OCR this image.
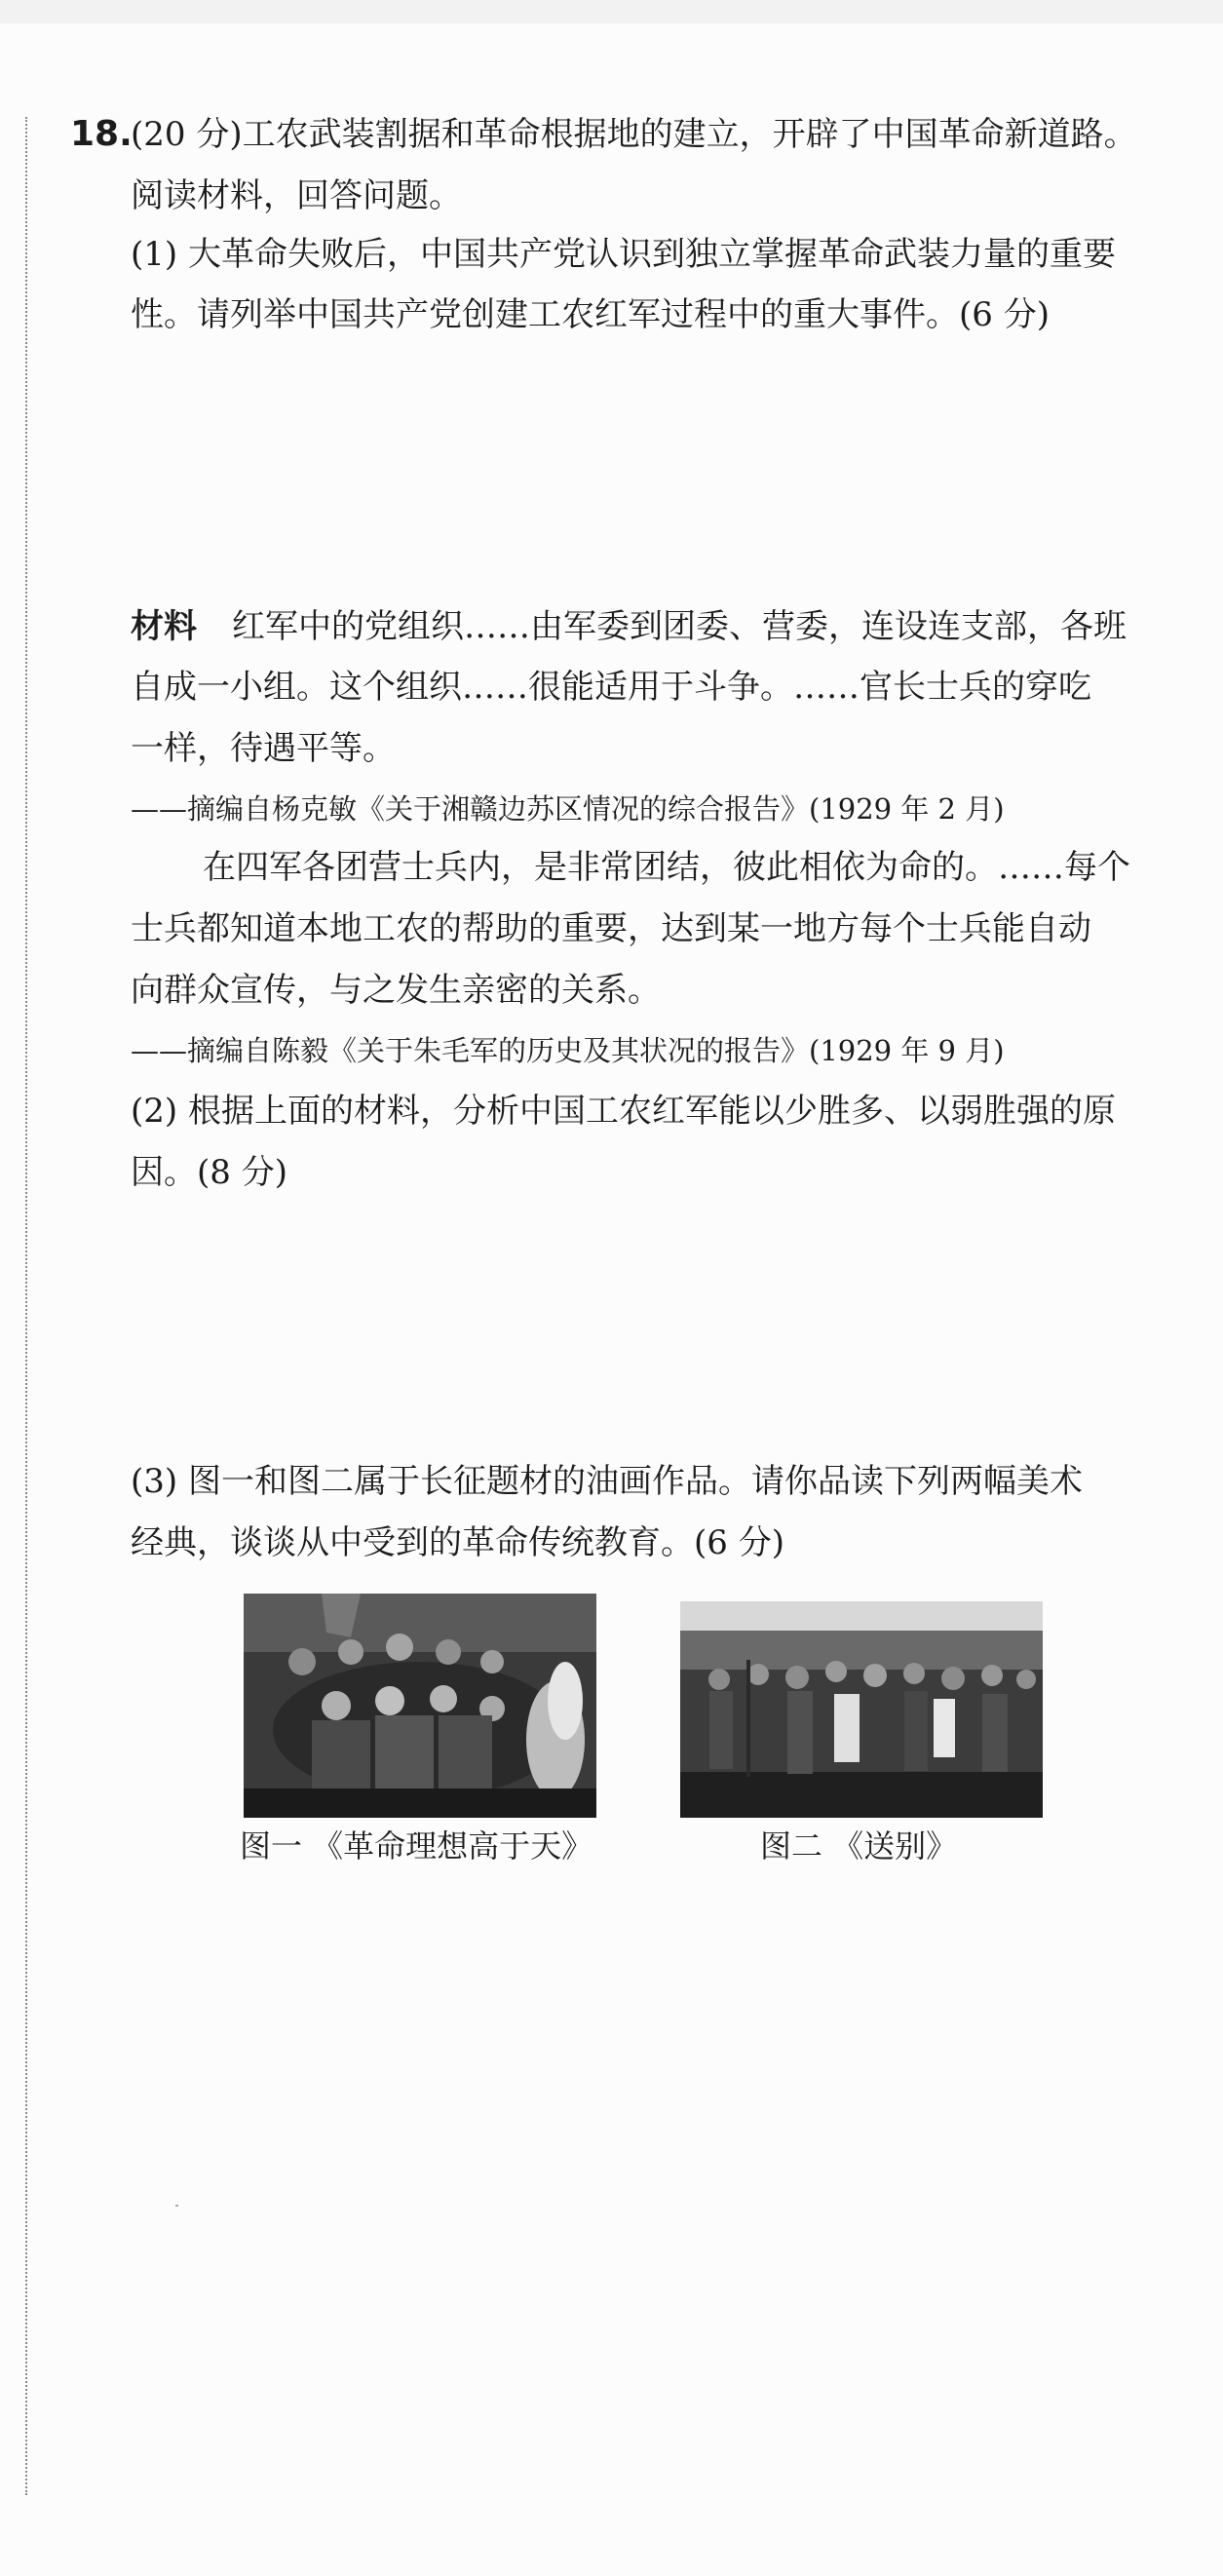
18.
(20 分)工农武装割据和革命根据地的建立，开辟了中国革命新道路。
阅读材料，回答问题。
(1) 大革命失败后，中国共产党认识到独立掌握革命武装力量的重要
性。请列举中国共产党创建工农红军过程中的重大事件。(6 分)
材料 红军中的党组织……由军委到团委、营委，连设连支部，各班
自成一小组。这个组织……很能适用于斗争。……官长士兵的穿吃
一样，待遇平等。
——摘编自杨克敏《关于湘赣边苏区情况的综合报告》(1929 年 2 月)
在四军各团营士兵内，是非常团结，彼此相依为命的。……每个
士兵都知道本地工农的帮助的重要，达到某一地方每个士兵能自动
向群众宣传，与之发生亲密的关系。
——摘编自陈毅《关于朱毛军的历史及其状况的报告》(1929 年 9 月)
(2) 根据上面的材料，分析中国工农红军能以少胜多、以弱胜强的原
因。(8 分)
(3) 图一和图二属于长征题材的油画作品。请你品读下列两幅美术
经典，谈谈从中受到的革命传统教育。(6 分)
图一 《革命理想高于天》	图二 《送别》
